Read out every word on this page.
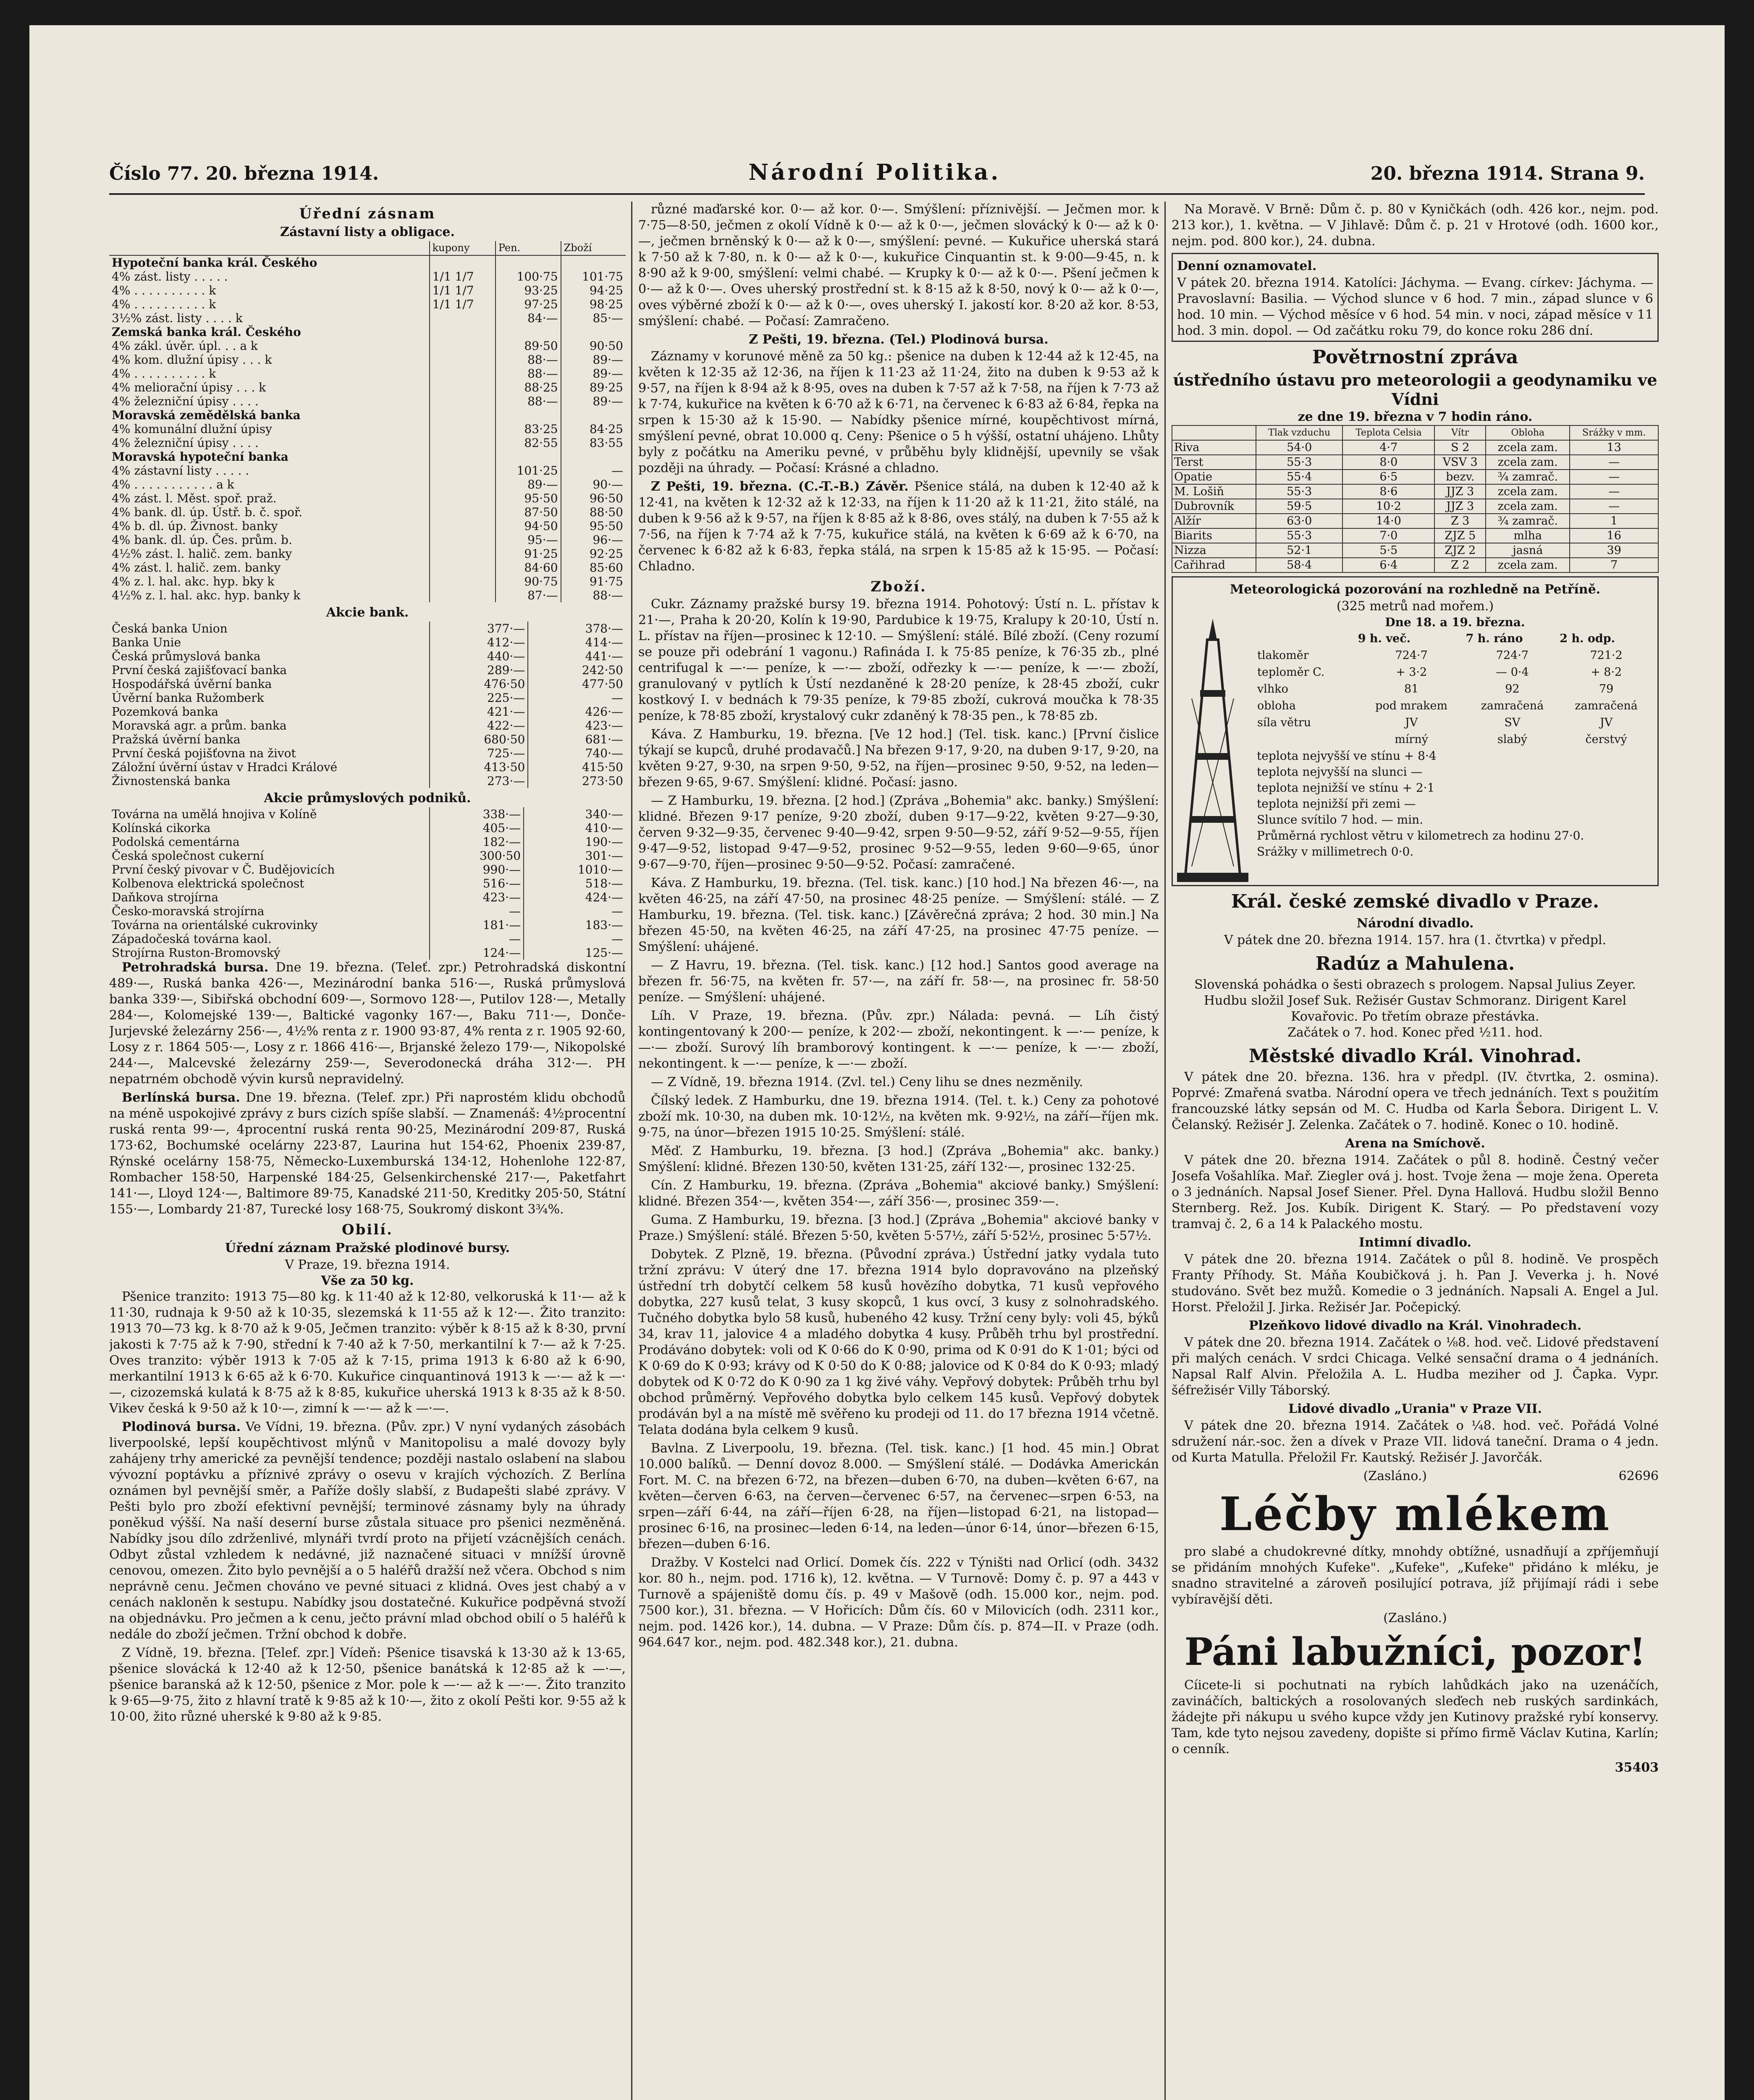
Číslo 77. 20. března 1914.	Národní Politika.	20. března 1914. Strana 9.
Úřední zásnam
Zástavní listy a obligace.
	kupony	Pen.	Zboží
Hypoteční banka král. Českého			
4% zást. listy . . . . .	1/1 1/7	100·75	101·75
4% . . . . . . . . . . k	1/1 1/7	93·25	94·25
4% . . . . . . . . . . k	1/1 1/7	97·25	98·25
3½% zást. listy . . . . k		84·—	85·—
Zemská banka král. Českého			
4% zákl. úvěr. úpl. . . a k		89·50	90·50
4% kom. dlužní úpisy . . . k		88·—	89·—
4% . . . . . . . . . . k		88·—	89·—
4% meliorační úpisy . . . k		88·25	89·25
4% železniční úpisy . . . .		88·—	89·—
Moravská zemědělská banka			
4% komunální dlužní úpisy		83·25	84·25
4% železniční úpisy . . . .		82·55	83·55
Moravská hypoteční banka			
4% zástavní listy . . . . .		101·25	—
4% . . . . . . . . . . . a k		89·—	90·—
4% zást. l. Měst. spoř. praž.		95·50	96·50
4% bank. dl. úp. Ústř. b. č. spoř.		87·50	88·50
4% b. dl. úp. Živnost. banky		94·50	95·50
4% bank. dl. úp. Čes. prům. b.		95·—	96·—
4½% zást. l. halič. zem. banky		91·25	92·25
4% zást. l. halič. zem. banky		84·60	85·60
4% z. l. hal. akc. hyp. bky k		90·75	91·75
4½% z. l. hal. akc. hyp. banky k		87·—	88·—
Akcie bank.
Česká banka Union	377·—	378·—
Banka Unie	412·—	414·—
Česká průmyslová banka	440·—	441·—
První česká zajišťovací banka	289·—	242·50
Hospodářská úvěrní banka	476·50	477·50
Úvěrní banka Ružomberk	225·—	—
Pozemková banka	421·—	426·—
Moravská agr. a prům. banka	422·—	423·—
Pražská úvěrní banka	680·50	681·—
První česká pojišťovna na život	725·—	740·—
Záložní úvěrní ústav v Hradci Králové	413·50	415·50
Živnostenská banka	273·—	273·50
Akcie průmyslových podniků.
Továrna na umělá hnojiva v Kolíně	338·—	340·—
Kolínská cikorka	405·—	410·—
Podolská cementárna	182·—	190·—
Česká společnost cukerní	300·50	301·—
První český pivovar v Č. Budějovicích	990·—	1010·—
Kolbenova elektrická společnost	516·—	518·—
Daňkova strojírna	423·—	424·—
Česko-moravská strojírna	—	—
Továrna na orientálské cukrovinky	181·—	183·—
Západočeská továrna kaol.	—	—
Strojírna Ruston-Bromovský	124·—	125·—

Petrohradská bursa. Dne 19. března. (Teleť. zpr.) Petrohradská diskontní 489·—, Ruská banka 426·—, Mezinárodní banka 516·—, Ruská průmyslová banka 339·—, Sibiřská obchodní 609·—, Sormovo 128·—, Putilov 128·—, Metally 284·—, Kolomejské 139·—, Baltické vagonky 167·—, Baku 711·—, Donče-Jurjevské železárny 256·—, 4½% renta z r. 1900 93·87, 4% renta z r. 1905 92·60, Losy z r. 1864 505·—, Losy z r. 1866 416·—, Brjanské železo 179·—, Nikopolské 244·—, Malcevské železárny 259·—, Severodonecká dráha 312·—. PH nepatrném obchodě vývin kursů nepravidelný.

Berlínská bursa. Dne 19. března. (Telef. zpr.) Při naprostém klidu obchodů na méně uspokojivé zprávy z burs cizích spíše slabší. — Znamenáš: 4½procentní ruská renta 99·—, 4procentní ruská renta 90·25, Mezinárodní 209·87, Ruská 173·62, Bochumské ocelárny 223·87, Laurina hut 154·62, Phoenix 239·87, Rýnské ocelárny 158·75, Německo-Luxemburská 134·12, Hohenlohe 122·87, Rombacher 158·50, Harpenské 184·25, Gelsenkirchenské 217·—, Paketfahrt 141·—, Lloyd 124·—, Baltimore 89·75, Kanadské 211·50, Kreditky 205·50, Státní 155·—, Lombardy 21·87, Turecké losy 168·75, Soukromý diskont 3¾%.

Obilí.
Úřední záznam Pražské plodinové bursy.
V Praze, 19. března 1914.
Vše za 50 kg.

Pšenice tranzito: 1913 75—80 kg. k 11·40 až k 12·80, velkoruská k 11·— až k 11·30, rudnaja k 9·50 až k 10·35, slezemská k 11·55 až k 12·—. Žito tranzito: 1913 70—73 kg. k 8·70 až k 9·05, Ječmen tranzito: výběr k 8·15 až k 8·30, první jakosti k 7·75 až k 7·90, střední k 7·40 až k 7·50, merkantilní k 7·— až k 7·25. Oves tranzito: výběr 1913 k 7·05 až k 7·15, prima 1913 k 6·80 až k 6·90, merkantilní 1913 k 6·65 až k 6·70. Kukuřice cinquantinová 1913 k —·— až k —·—, cizozemská kulatá k 8·75 až k 8·85, kukuřice uherská 1913 k 8·35 až k 8·50. Vikev česká k 9·50 až k 10·—, zimní k —·— až k —·—.

Plodinová bursa. Ve Vídni, 19. března. (Pův. zpr.) V nyní vydaných zásobách liverpoolské, lepší koupěchtivost mlýnů v Manitopolisu a malé dovozy byly zahájeny trhy americké za pevnější tendence; později nastalo oslabení na slabou vývozní poptávku a příznivé zprávy o osevu v krajích výchozích. Z Berlína oznámen byl pevnější směr, a Paříže došly slabší, z Budapešti slabé zprávy. V Pešti bylo pro zboží efektivní pevnější; terminové zásnamy byly na úhrady poněkud výšší. Na naší deserní burse zůstala situace pro pšenici nezměněná. Nabídky jsou dílo zdrženlivé, mlynáři tvrdí proto na přijetí vzácnějších cenách. Odbyt zůstal vzhledem k nedávné, již naznačené situaci v mnížší úrovně cenovou, omezen. Žito bylo pevnější a o 5 haléřů dražší než včera. Obchod s nim neprávně cenu. Ječmen chováno ve pevné situaci z klidná. Oves jest chabý a v cenách nakloněn k sestupu. Nabídky jsou dostatečné. Kukuřice podpěvná stvoží na objednávku. Pro ječmen a k cenu, ječto právní mlad obchod obilí o 5 haléřů k nedále do zboží ječmen. Tržní obchod k dobře.

Z Vídně, 19. března. [Telef. zpr.] Vídeň: Pšenice tisavská k 13·30 až k 13·65, pšenice slovácká k 12·40 až k 12·50, pšenice banátská k 12·85 až k —·—, pšenice baranská až k 12·50, pšenice z Mor. pole k —·— až k —·—. Žito tranzito k 9·65—9·75, žito z hlavní tratě k 9·85 až k 10·—, žito z okolí Pešti kor. 9·55 až k 10·00, žito různé uherské k 9·80 až k 9·85.

různé maďarské kor. 0·— až kor. 0·—. Smýšlení: příznivější. — Ječmen mor. k 7·75—8·50, ječmen z okolí Vídně k 0·— až k 0·—, ječmen slovácký k 0·— až k 0·—, ječmen brněnský k 0·— až k 0·—, smýšlení: pevné. — Kukuřice uherská stará k 7·50 až k 7·80, n. k 0·— až k 0·—, kukuřice Cinquantin st. k 9·00—9·45, n. k 8·90 až k 9·00, smýšlení: velmi chabé. — Krupky k 0·— až k 0·—. Pšení ječmen k 0·— až k 0·—. Oves uherský prostřední st. k 8·15 až k 8·50, nový k 0·— až k 0·—, oves výběrné zboží k 0·— až k 0·—, oves uherský I. jakostí kor. 8·20 až kor. 8·53, smýšlení: chabé. — Počasí: Zamračeno.

Z Pešti, 19. března. (Tel.) Plodinová bursa.

Záznamy v korunové měně za 50 kg.: pšenice na duben k 12·44 až k 12·45, na květen k 12·35 až 12·36, na říjen k 11·23 až 11·24, žito na duben k 9·53 až k 9·57, na říjen k 8·94 až k 8·95, oves na duben k 7·57 až k 7·58, na říjen k 7·73 až k 7·74, kukuřice na květen k 6·70 až k 6·71, na červenec k 6·83 až 6·84, řepka na srpen k 15·30 až k 15·90. — Nabídky pšenice mírné, koupěchtivost mírná, smýšlení pevné, obrat 10.000 q. Ceny: Pšenice o 5 h výšší, ostatní uhájeno. Lhůty byly z počátku na Ameriku pevné, v průběhu byly klidnější, upevnily se však později na úhrady. — Počasí: Krásné a chladno.

Z Pešti, 19. března. (C.-T.-B.) Závěr. Pšenice stálá, na duben k 12·40 až k 12·41, na květen k 12·32 až k 12·33, na říjen k 11·20 až k 11·21, žito stálé, na duben k 9·56 až k 9·57, na říjen k 8·85 až k 8·86, oves stálý, na duben k 7·55 až k 7·56, na říjen k 7·74 až k 7·75, kukuřice stálá, na květen k 6·69 až k 6·70, na červenec k 6·82 až k 6·83, řepka stálá, na srpen k 15·85 až k 15·95. — Počasí: Chladno.

Zboží.

Cukr. Záznamy pražské bursy 19. března 1914. Pohotový: Ústí n. L. přístav k 21·—, Praha k 20·20, Kolín k 19·90, Pardubice k 19·75, Kralupy k 20·10, Ústí n. L. přístav na říjen—prosinec k 12·10. — Smýšlení: stálé. Bílé zboží. (Ceny rozumí se pouze při odebrání 1 vagonu.) Rafináda I. k 75·85 peníze, k 76·35 zb., plné centrifugal k —·— peníze, k —·— zboží, odřezky k —·— peníze, k —·— zboží, granulovaný v pytlích k Ústí nezdaněné k 28·20 peníze, k 28·45 zboží, cukr kostkový I. v bednách k 79·35 peníze, k 79·85 zboží, cukrová moučka k 78·35 peníze, k 78·85 zboží, krystalový cukr zdaněný k 78·35 pen., k 78·85 zb.

Káva. Z Hamburku, 19. března. [Ve 12 hod.] (Tel. tisk. kanc.) [První čislice týkají se kupců, druhé prodavačů.] Na březen 9·17, 9·20, na duben 9·17, 9·20, na květen 9·27, 9·30, na srpen 9·50, 9·52, na říjen—prosinec 9·50, 9·52, na leden—březen 9·65, 9·67. Smýšlení: klidné. Počasí: jasno.

— Z Hamburku, 19. března. [2 hod.] (Zpráva „Bohemia" akc. banky.) Smýšlení: klidné. Březen 9·17 peníze, 9·20 zboží, duben 9·17—9·22, květen 9·27—9·30, červen 9·32—9·35, červenec 9·40—9·42, srpen 9·50—9·52, září 9·52—9·55, říjen 9·47—9·52, listopad 9·47—9·52, prosinec 9·52—9·55, leden 9·60—9·65, únor 9·67—9·70, říjen—prosinec 9·50—9·52. Počasí: zamračené.

Káva. Z Hamburku, 19. března. (Tel. tisk. kanc.) [10 hod.] Na březen 46·—, na květen 46·25, na září 47·50, na prosinec 48·25 peníze. — Smýšlení: stálé. — Z Hamburku, 19. března. (Tel. tisk. kanc.) [Závěrečná zpráva; 2 hod. 30 min.] Na březen 45·50, na květen 46·25, na září 47·25, na prosinec 47·75 peníze. — Smýšlení: uhájené.

— Z Havru, 19. března. (Tel. tisk. kanc.) [12 hod.] Santos good average na březen fr. 56·75, na květen fr. 57·—, na září fr. 58·—, na prosinec fr. 58·50 peníze. — Smýšlení: uhájené.

Líh. V Praze, 19. března. (Pův. zpr.) Nálada: pevná. — Líh čistý kontingentovaný k 200·— peníze, k 202·— zboží, nekontingent. k —·— peníze, k —·— zboží. Surový líh bramborový kontingent. k —·— peníze, k —·— zboží, nekontingent. k —·— peníze, k —·— zboží.

— Z Vídně, 19. března 1914. (Zvl. tel.) Ceny lihu se dnes nezměnily.

Čílský ledek. Z Hamburku, dne 19. března 1914. (Tel. t. k.) Ceny za pohotové zboží mk. 10·30, na duben mk. 10·12½, na květen mk. 9·92½, na září—říjen mk. 9·75, na únor—březen 1915 10·25. Smýšlení: stálé.

Měď. Z Hamburku, 19. března. [3 hod.] (Zpráva „Bohemia" akc. banky.) Smýšlení: klidné. Březen 130·50, květen 131·25, září 132·—, prosinec 132·25.

Cín. Z Hamburku, 19. března. (Zpráva „Bohemia" akciové banky.) Smýšlení: klidné. Březen 354·—, květen 354·—, září 356·—, prosinec 359·—.

Guma. Z Hamburku, 19. března. [3 hod.] (Zpráva „Bohemia" akciové banky v Praze.) Smýšlení: stálé. Březen 5·50, květen 5·57½, září 5·52½, prosinec 5·57½.

Dobytek. Z Plzně, 19. března. (Původní zpráva.) Ústřední jatky vydala tuto tržní zprávu: V úterý dne 17. března 1914 bylo dopravováno na plzeňský ústřední trh dobytčí celkem 58 kusů hovězího dobytka, 71 kusů vepřového dobytka, 227 kusů telat, 3 kusy skopců, 1 kus ovcí, 3 kusy z solnohradského. Tučného dobytka bylo 58 kusů, hubeného 42 kusy. Tržní ceny byly: voli 45, býků 34, krav 11, jalovice 4 a mladého dobytka 4 kusy. Průběh trhu byl prostřední. Prodáváno dobytek: voli od K 0·66 do K 0·90, prima od K 0·91 do K 1·01; býci od K 0·69 do K 0·93; krávy od K 0·50 do K 0·88; jalovice od K 0·84 do K 0·93; mladý dobytek od K 0·72 do K 0·90 za 1 kg živé váhy. Vepřový dobytek: Průběh trhu byl obchod průměrný. Vepřového dobytka bylo celkem 145 kusů. Vepřový dobytek prodáván byl a na místě mě svěřeno ku prodeji od 11. do 17 března 1914 včetně. Telata dodána byla celkem 9 kusů.

Bavlna. Z Liverpoolu, 19. března. (Tel. tisk. kanc.) [1 hod. 45 min.] Obrat 10.000 balíků. — Denní dovoz 8.000. — Smýšlení stálé. — Dodávka Americkán Fort. M. C. na březen 6·72, na březen—duben 6·70, na duben—květen 6·67, na květen—červen 6·63, na červen—červenec 6·57, na červenec—srpen 6·53, na srpen—září 6·44, na září—říjen 6·28, na říjen—listopad 6·21, na listopad—prosinec 6·16, na prosinec—leden 6·14, na leden—únor 6·14, únor—březen 6·15, březen—duben 6·16.

Dražby. V Kostelci nad Orlicí. Domek čís. 222 v Týništi nad Orlicí (odh. 3432 kor. 80 h., nejm. pod. 1716 k), 12. května. — V Turnově: Domy č. p. 97 a 443 v Turnově a spájeniště domu čís. p. 49 v Mašově (odh. 15.000 kor., nejm. pod. 7500 kor.), 31. března. — V Hořicích: Dům čís. 60 v Milovicích (odh. 2311 kor., nejm. pod. 1426 kor.), 14. dubna. — V Praze: Dům čís. p. 874—II. v Praze (odh. 964.647 kor., nejm. pod. 482.348 kor.), 21. dubna.

Na Moravě. V Brně: Dům č. p. 80 v Kyničkách (odh. 426 kor., nejm. pod. 213 kor.), 1. května. — V Jihlavě: Dům č. p. 21 v Hrotové (odh. 1600 kor., nejm. pod. 800 kor.), 24. dubna.

Denní oznamovatel.
V pátek 20. března 1914. Katolíci: Jáchyma. — Evang. církev: Jáchyma. — Pravoslavní: Basilia. — Východ slunce v 6 hod. 7 min., západ slunce v 6 hod. 10 min. — Východ měsíce v 6 hod. 54 min. v noci, západ měsíce v 11 hod. 3 min. dopol. — Od začátku roku 79, do konce roku 286 dní.
Povětrnostní zpráva
ústředního ústavu pro meteorologii a geodynamiku ve Vídni
ze dne 19. března v 7 hodin ráno.
	Tlak vzduchu	Teplota Celsia	Vítr	Obloha	Srážky v mm.
Riva	54·0	4·7	S 2	zcela zam.	13
Terst	55·3	8·0	VSV 3	zcela zam.	—
Opatie	55·4	6·5	bezv.	¾ zamrač.	—
M. Lošiň	55·3	8·6	JJZ 3	zcela zam.	—
Dubrovník	59·5	10·2	JJZ 3	zcela zam.	—
Alžír	63·0	14·0	Z 3	¾ zamrač.	1
Biarits	55·3	7·0	ZJZ 5	mlha	16
Nizza	52·1	5·5	ZJZ 2	jasná	39
Cařihrad	58·4	6·4	Z 2	zcela zam.	7
Meteorologická pozorování na rozhledně na Petříně.
(325 metrů nad mořem.)
Dne 18. a 19. března.
	9 h. več.	7 h. ráno	2 h. odp.
tlakoměr	724·7	724·7	721·2
teploměr C.	+ 3·2	— 0·4	+ 8·2
vlhko	81	92	79
obloha	pod mrakem	zamračená	zamračená
síla větru	JV	SV	JV
	mírný	slabý	čerstvý
teplota nejvyšší ve stínu + 8·4
teplota nejvyšší na slunci —
teplota nejnižší ve stínu + 2·1
teplota nejnižší při zemi —
Slunce svítilo 7 hod. — min.
Průměrná rychlost větru v kilometrech za hodinu 27·0.
Srážky v millimetrech 0·0.
Král. české zemské divadlo v Praze.
Národní divadlo.
V pátek dne 20. března 1914. 157. hra (1. čtvrtka) v předpl.
Radúz a Mahulena.
Slovenská pohádka o šesti obrazech s prologem. Napsal Julius Zeyer. Hudbu složil Josef Suk. Režisér Gustav Schmoranz. Dirigent Karel Kovařovic. Po třetím obraze přestávka.
Začátek o 7. hod. Konec před ½11. hod.
Městské divadlo Král. Vinohrad.

V pátek dne 20. března. 136. hra v předpl. (IV. čtvrtka, 2. osmina). Poprvé: Zmařená svatba. Národní opera ve třech jednáních. Text s použitím francouzské látky sepsán od M. C. Hudba od Karla Šebora. Dirigent L. V. Čelanský. Režisér J. Zelenka. Začátek o 7. hodině. Konec o 10. hodině.

Arena na Smíchově.

V pátek dne 20. března 1914. Začátek o půl 8. hodině. Čestný večer Josefa Vošahlíka. Mař. Ziegler ová j. host. Tvoje žena — moje žena. Opereta o 3 jednáních. Napsal Josef Siener. Přel. Dyna Hallová. Hudbu složil Benno Sternberg. Rež. Jos. Kubík. Dirigent K. Starý. — Po představení vozy tramvaj č. 2, 6 a 14 k Palackého mostu.

Intimní divadlo.

V pátek dne 20. března 1914. Začátek o půl 8. hodině. Ve prospěch Franty Příhody. St. Máňa Koubičková j. h. Pan J. Veverka j. h. Nové studováno. Svět bez mužů. Komedie o 3 jednáních. Napsali A. Engel a Jul. Horst. Přeložil J. Jirka. Režisér Jar. Počepický.

Plzeňkovo lidové divadlo na Král. Vinohradech.

V pátek dne 20. března 1914. Začátek o ⅛8. hod. več. Lidové představení při malých cenách. V srdci Chicaga. Velké sensační drama o 4 jednáních. Napsal Ralf Alvin. Přeložila A. L. Hudba meziher od J. Čapka. Vypr. šéfrežisér Villy Táborský.

Lidové divadlo „Urania" v Praze VII.

V pátek dne 20. března 1914. Začátek o ¼8. hod. več. Pořádá Volné sdružení nár.-soc. žen a dívek v Praze VII. lidová taneční. Drama o 4 jedn. od Kurta Matulla. Přeložil Fr. Kautský. Režisér J. Javorčák.

(Zasláno.)	62696
Léčby mlékem

pro slabé a chudokrevné dítky, mnohdy obtížné, usnadňují a zpříjemňují se přidáním mnohých Kufeke". „Kufeke", „Kufeke" přidáno k mléku, je snadno stravitelné a zároveň posilující potrava, jíž přijímají rádi i sebe vybíravější děti.

(Zasláno.)
Páni labužníci, pozor!

Cíicete-li si pochutnati na rybích lahůdkách jako na uzenáčích, zavináčích, baltických a rosolovaných sleďech neb ruských sardinkách, žádejte při nákupu u svého kupce vždy jen Kutinovy pražské rybí konservy. Tam, kde tyto nejsou zavedeny, dopište si přímo firmě Václav Kutina, Karlín; o cenník.

35403
